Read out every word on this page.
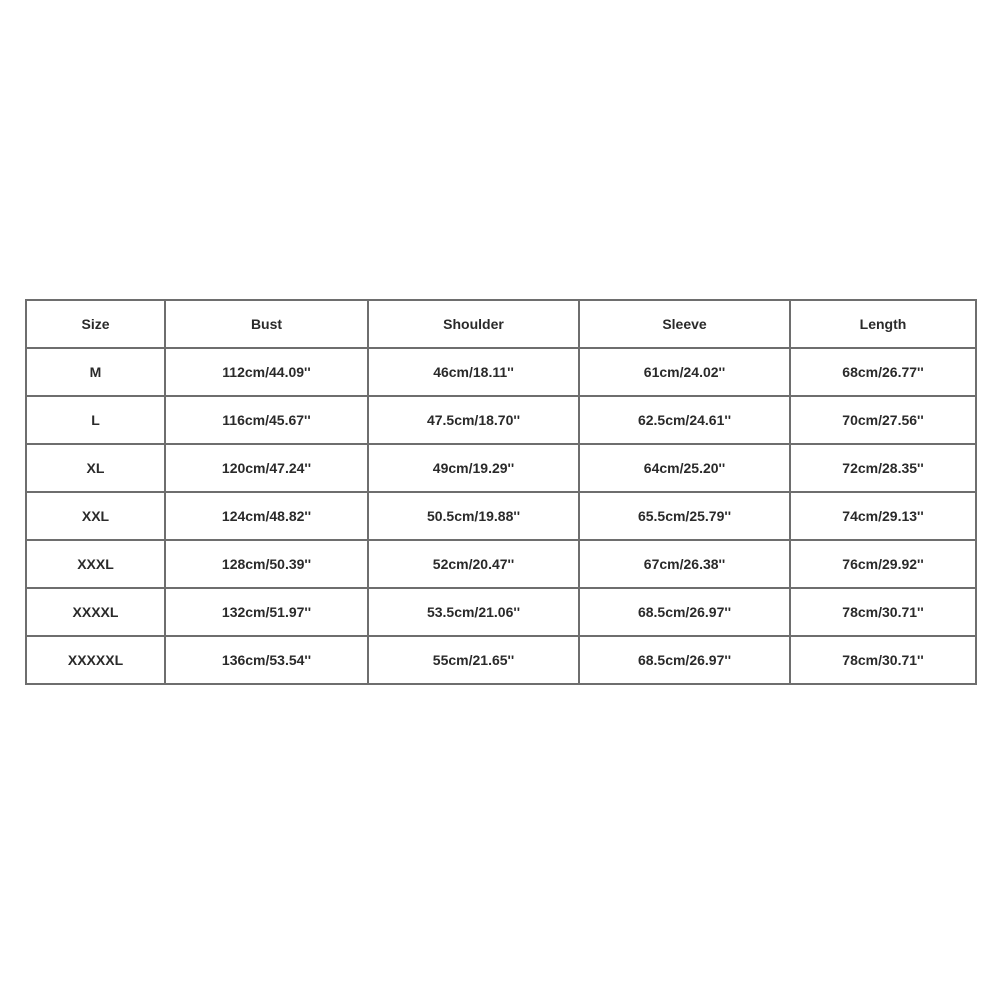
Size	Bust	Shoulder	Sleeve	Length
M	112cm/44.09''	46cm/18.11''	61cm/24.02''	68cm/26.77''
L	116cm/45.67''	47.5cm/18.70''	62.5cm/24.61''	70cm/27.56''
XL	120cm/47.24''	49cm/19.29''	64cm/25.20''	72cm/28.35''
XXL	124cm/48.82''	50.5cm/19.88''	65.5cm/25.79''	74cm/29.13''
XXXL	128cm/50.39''	52cm/20.47''	67cm/26.38''	76cm/29.92''
XXXXL	132cm/51.97''	53.5cm/21.06''	68.5cm/26.97''	78cm/30.71''
XXXXXL	136cm/53.54''	55cm/21.65''	68.5cm/26.97''	78cm/30.71''
